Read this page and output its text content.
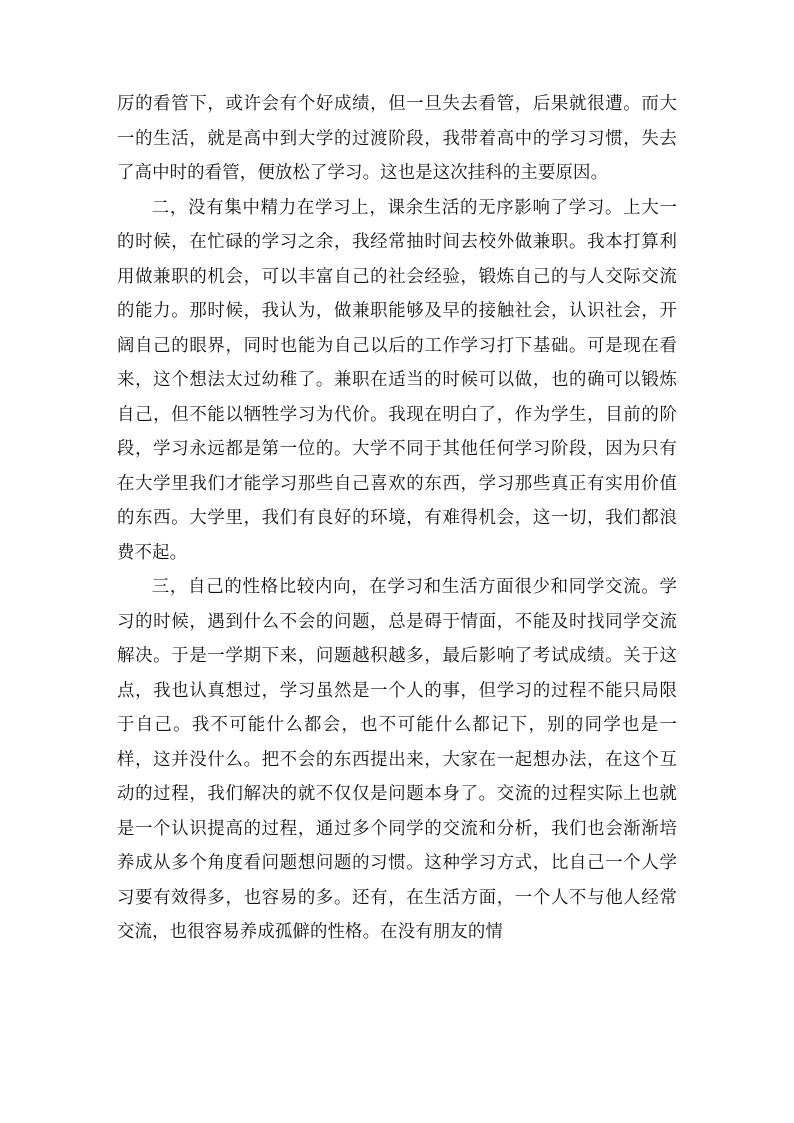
厉的看管下，或许会有个好成绩，但一旦失去看管，后果就很遭。而大一的生活，就是高中到大学的过渡阶段，我带着高中的学习习惯，失去了高中时的看管，便放松了学习。这也是这次挂科的主要原因。

二，没有集中精力在学习上，课余生活的无序影响了学习。上大一的时候，在忙碌的学习之余，我经常抽时间去校外做兼职。我本打算利用做兼职的机会，可以丰富自己的社会经验，锻炼自己的与人交际交流的能力。那时候，我认为，做兼职能够及早的接触社会，认识社会，开阔自己的眼界，同时也能为自己以后的工作学习打下基础。可是现在看来，这个想法太过幼稚了。兼职在适当的时候可以做，也的确可以锻炼自己，但不能以牺牲学习为代价。我现在明白了，作为学生，目前的阶段，学习永远都是第一位的。大学不同于其他任何学习阶段，因为只有在大学里我们才能学习那些自己喜欢的东西，学习那些真正有实用价值的东西。大学里，我们有良好的环境，有难得机会，这一切，我们都浪费不起。

三，自己的性格比较内向，在学习和生活方面很少和同学交流。学习的时候，遇到什么不会的问题，总是碍于情面，不能及时找同学交流解决。于是一学期下来，问题越积越多，最后影响了考试成绩。关于这点，我也认真想过，学习虽然是一个人的事，但学习的过程不能只局限于自己。我不可能什么都会，也不可能什么都记下，别的同学也是一样，这并没什么。把不会的东西提出来，大家在一起想办法，在这个互动的过程，我们解决的就不仅仅是问题本身了。交流的过程实际上也就是一个认识提高的过程，通过多个同学的交流和分析，我们也会渐渐培养成从多个角度看问题想问题的习惯。这种学习方式，比自己一个人学习要有效得多，也容易的多。还有，在生活方面，一个人不与他人经常交流，也很容易养成孤僻的性格。在没有朋友的情
